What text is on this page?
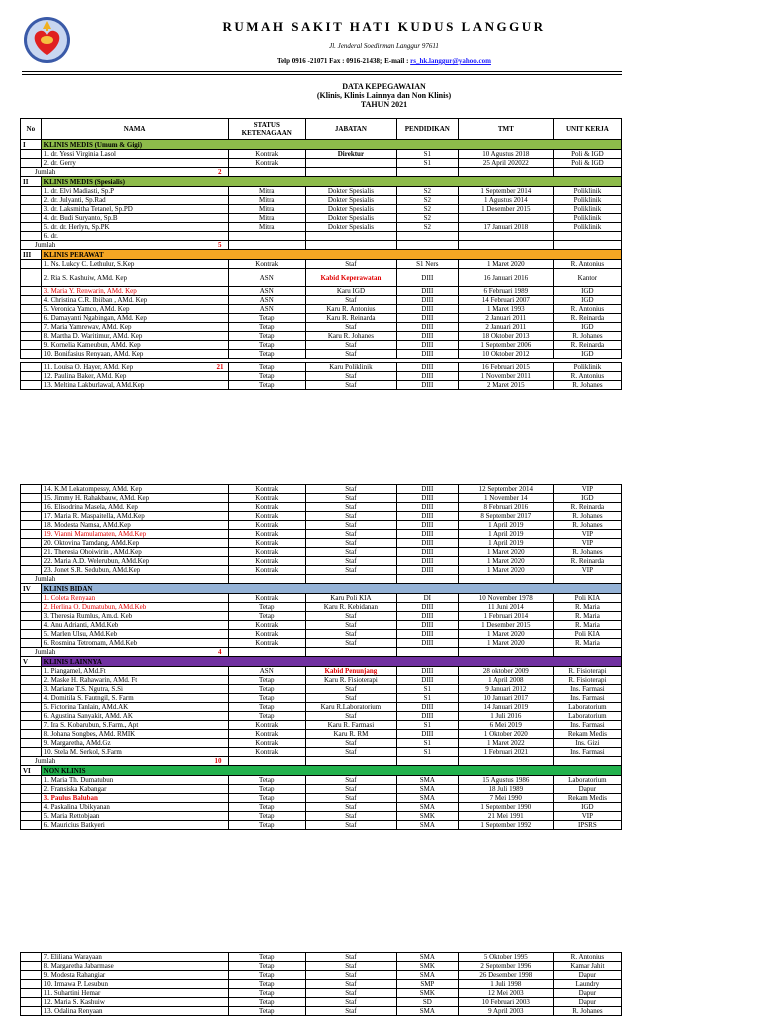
RUMAH SAKIT HATI KUDUS LANGGUR
Jl. Jenderal Soedirman Langgur 97611
Telp 0916 -21071 Fax : 0916-21438; E-mail : rs_hk.langgur@yahoo.com
DATA KEPEGAWAIAN
(Klinis, Klinis Lainnya dan Non Klinis)
TAHUN 2021
No	NAMA	STATUS KETENAGAAN	JABATAN	PENDIDIKAN	TMT	UNIT KERJA
I	KLINIS MEDIS (Umum & Gigi)					
	1. dr. Yessi Virginia Lasol	Kontrak	Direktur	S1	10 Agustus 2018	Poli & IGD
	2. dr. Gerry	Kontrak		S1	25 April 202022	Poli & IGD
Jumlah 2						

II	KLINIS MEDIS (Spesialis)					
	1. dr. Elvi Madiasti, Sp.P	Mitra	Dokter Spesialis	S2	1 September 2014	Poliklinik
	2. dr. Julyanti, Sp.Rad	Mitra	Dokter Spesialis	S2	1 Agustus 2014	Poliklinik
	3. dr. Laksmitha Tetanel, Sp.PD	Mitra	Dokter Spesialis	S2	1 Desember 2015	Poliklinik
	4. dr. Budi Suryanto, Sp.B	Mitra	Dokter Spesialis	S2		Poliklinik
	5. dr. dr. Herlyn, Sp.PK	Mitra	Dokter Spesialis	S2	17 Januari 2018	Poliklinik
	6. dr.					
Jumlah 5						

III	KLINIS PERAWAT					
	1. Ns. Lukcy C. Lethulur, S.Kep	Kontrak	Staf	S1 Ners	1 Maret 2020	R. Antonius
	2. Ria S. Kashuiw, AMd. Kep	ASN	Kabid Keperawatan	DIII	16 Januari 2016	Kantor
	3. Maria Y. Renwarin, AMd. Kep	ASN	Karu IGD	DIII	6 Februari 1989	IGD
	4. Christina C.R. Ibiiban , AMd. Kep	ASN	Staf	DIII	14 Februari 2007	IGD
	5. Veronica Yamco, AMd. Kep	ASN	Karu R. Antonius	DIII	1 Maret 1993	R. Antonius
	6. Damayanti Ngabingan, AMd. Kep	Tetap	Karu R. Reinarda	DIII	2 Januari 2011	R. Reinarda
	7. Maria Yamrewav, AMd. Kep	Tetap	Staf	DIII	2 Januari 2011	IGD
	8. Martha D. Waritimur, AMd. Kep	Tetap	Karu R. Johanes	DIII	18 Oktober 2013	R. Johanes
	9. Kornelia Kameubun, AMd. Kep	Tetap	Staf	DIII	1 September 2006	R. Reinarda
	10. Bonifasius Renyaan, AMd. Kep	Tetap	Staf	DIII	10 Oktober 2012	IGD

	11. Louisa O. Hayer, AMd. Kep 21	Tetap	Karu Poliklinik	DIII	16 Februari 2015	Poliklinik
	12. Paulina Baker, AMd. Kep	Tetap	Staf	DIII	1 November 2011	R. Antonius
	13. Meltina Lakburlawal, AMd.Kep	Tetap	Staf	DIII	2 Maret 2015	R. Johanes
	14. K.M Lekatompessy, AMd. Kep	Kontrak	Staf	DIII	12 September 2014	VIP
	15. Jimmy H. Rahakbauw, AMd. Kep	Kontrak	Staf	DIII	1 November 14	IGD
	16. Elisodrina Masela, AMd. Kep	Kontrak	Staf	DIII	8 Februari 2016	R. Reinarda
	17. Maria R. Maspaitella, AMd.Kep	Kontrak	Staf	DIII	8 September 2017	R. Johanes
	18. Modesta Namsa, AMd.Kep	Kontrak	Staf	DIII	1 April 2019	R. Johanes
	19. Vianni Mamulamaten, AMd.Kep	Kontrak	Staf	DIII	1 April 2019	VIP
	20. Oktovina Tamdang, AMd.Kep	Kontrak	Staf	DIII	1 April 2019	VIP
	21. Theresia Ohoiwirin , AMd.Kep	Kontrak	Staf	DIII	1 Maret 2020	R. Johanes
	22. Maria A.D. Welerubun, AMd.Kep	Kontrak	Staf	DIII	1 Maret 2020	R. Reinarda
	23. Jonet S.R. Sedubun, AMd.Kep	Kontrak	Staf	DIII	1 Maret 2020	VIP
Jumlah						
IV	KLINIS BIDAN					
	1. Coleta Renyaan	Kontrak	Karu Poli KIA	DI	10 November 1978	Poli KIA
	2. Herlina O. Dumatubun, AMd.Keb	Tetap	Karu R. Kebidanan	DIII	11 Juni 2014	R. Maria
	3. Theresia Rumlus, Am.d. Keb	Tetap	Staf	DIII	1 Februari 2014	R. Maria
	4. Anu Adrianti, AMd.Keb	Kontrak	Staf	DIII	1 Desember 2015	R. Maria
	5. Marlen Ulsu, AMd.Keb	Kontrak	Staf	DIII	1 Maret 2020	Poli KIA
	6. Rosmina Tetromam, AMd.Keb	Kontrak	Staf	DIII	1 Maret 2020	R. Maria
Jumlah 4						

V	KLINIS LAINNYA					
	1. Piangamel, AMd.Ft	ASN	Kabid Penunjang	DIII	28 oktober 2009	R. Fisioterapi
	2. Maske H. Rahawarin, AMd. Ft	Tetap	Karu R. Fisioterapi	DIII	1 April 2008	R. Fisioterapi
	3. Mariane T.S. Ngutra, S.Si	Tetap	Staf	S1	9 Januari 2012	Ins. Farmasi
	4. Domitila S. Fautngil, S. Farm	Tetap	Staf	S1	10 Januari 2017	Ins. Farmasi
	5. Fictorina Tanlain, AMd.AK	Tetap	Karu R.Laboratorium	DIII	14 Januari 2019	Laboratorium
	6. Agustina Sanyakit, AMd. AK	Tetap	Staf	DIII	1 Juli 2016	Laboratorium
	7. Ira S. Kobarubun, S.Farm., Apt	Kontrak	Karu R. Farmasi	S1	6 Mei 2019	Ins. Farmasi
	8. Johana Songbes, AMd. RMIK	Kontrak	Karu R. RM	DIII	1 Oktober 2020	Rekam Medis
	9. Margaretha, AMd.Gz	Kontrak	Staf	S1	1 Maret 2022	Ins. Gizi
	10. Stela M. Serkol, S.Farm	Kontrak	Staf	S1	1 Februari 2021	Ins. Farmasi
Jumlah 10						

VI	NON KLINIS					
	1. Maria Th. Dumatubun	Tetap	Staf	SMA	15 Agustus 1986	Laboratorium
	2. Fransiska Kabangar	Tetap	Staf	SMA	18 Juli 1989	Dapur
	3. Paulus Baluban	Tetap	Staf	SMA	7 Mei 1990	Rekam Medis
	4. Paskalina Ubikyanan	Tetap	Staf	SMA	1 September 1990	IGD
	5. Maria Rettobjaan	Tetap	Staf	SMK	21 Mei 1991	VIP
	6. Mauricius Batkyeri	Tetap	Staf	SMA	1 September 1992	IPSRS
	7. Eliliana Warayaan	Tetap	Staf	SMA	5 Oktober 1995	R. Antonius
	8. Margaretha Jabarmase	Tetap	Staf	SMK	2 September 1996	Kamar Jahit
	9. Modesta Rahangiar	Tetap	Staf	SMA	26 Desember 1998	Dapur
	10. Irmawa P. Lesubun	Tetap	Staf	SMP	1 Juli 1998	Laundry
	11. Suhartini Hemar	Tetap	Staf	SMK	12 Mei 2003	Dapur
	12. Maria S. Kashuiw	Tetap	Staf	SD	10 Februari 2003	Dapur
	13. Odalina Renyaan	Tetap	Staf	SMA	9 April 2003	R. Johanes
